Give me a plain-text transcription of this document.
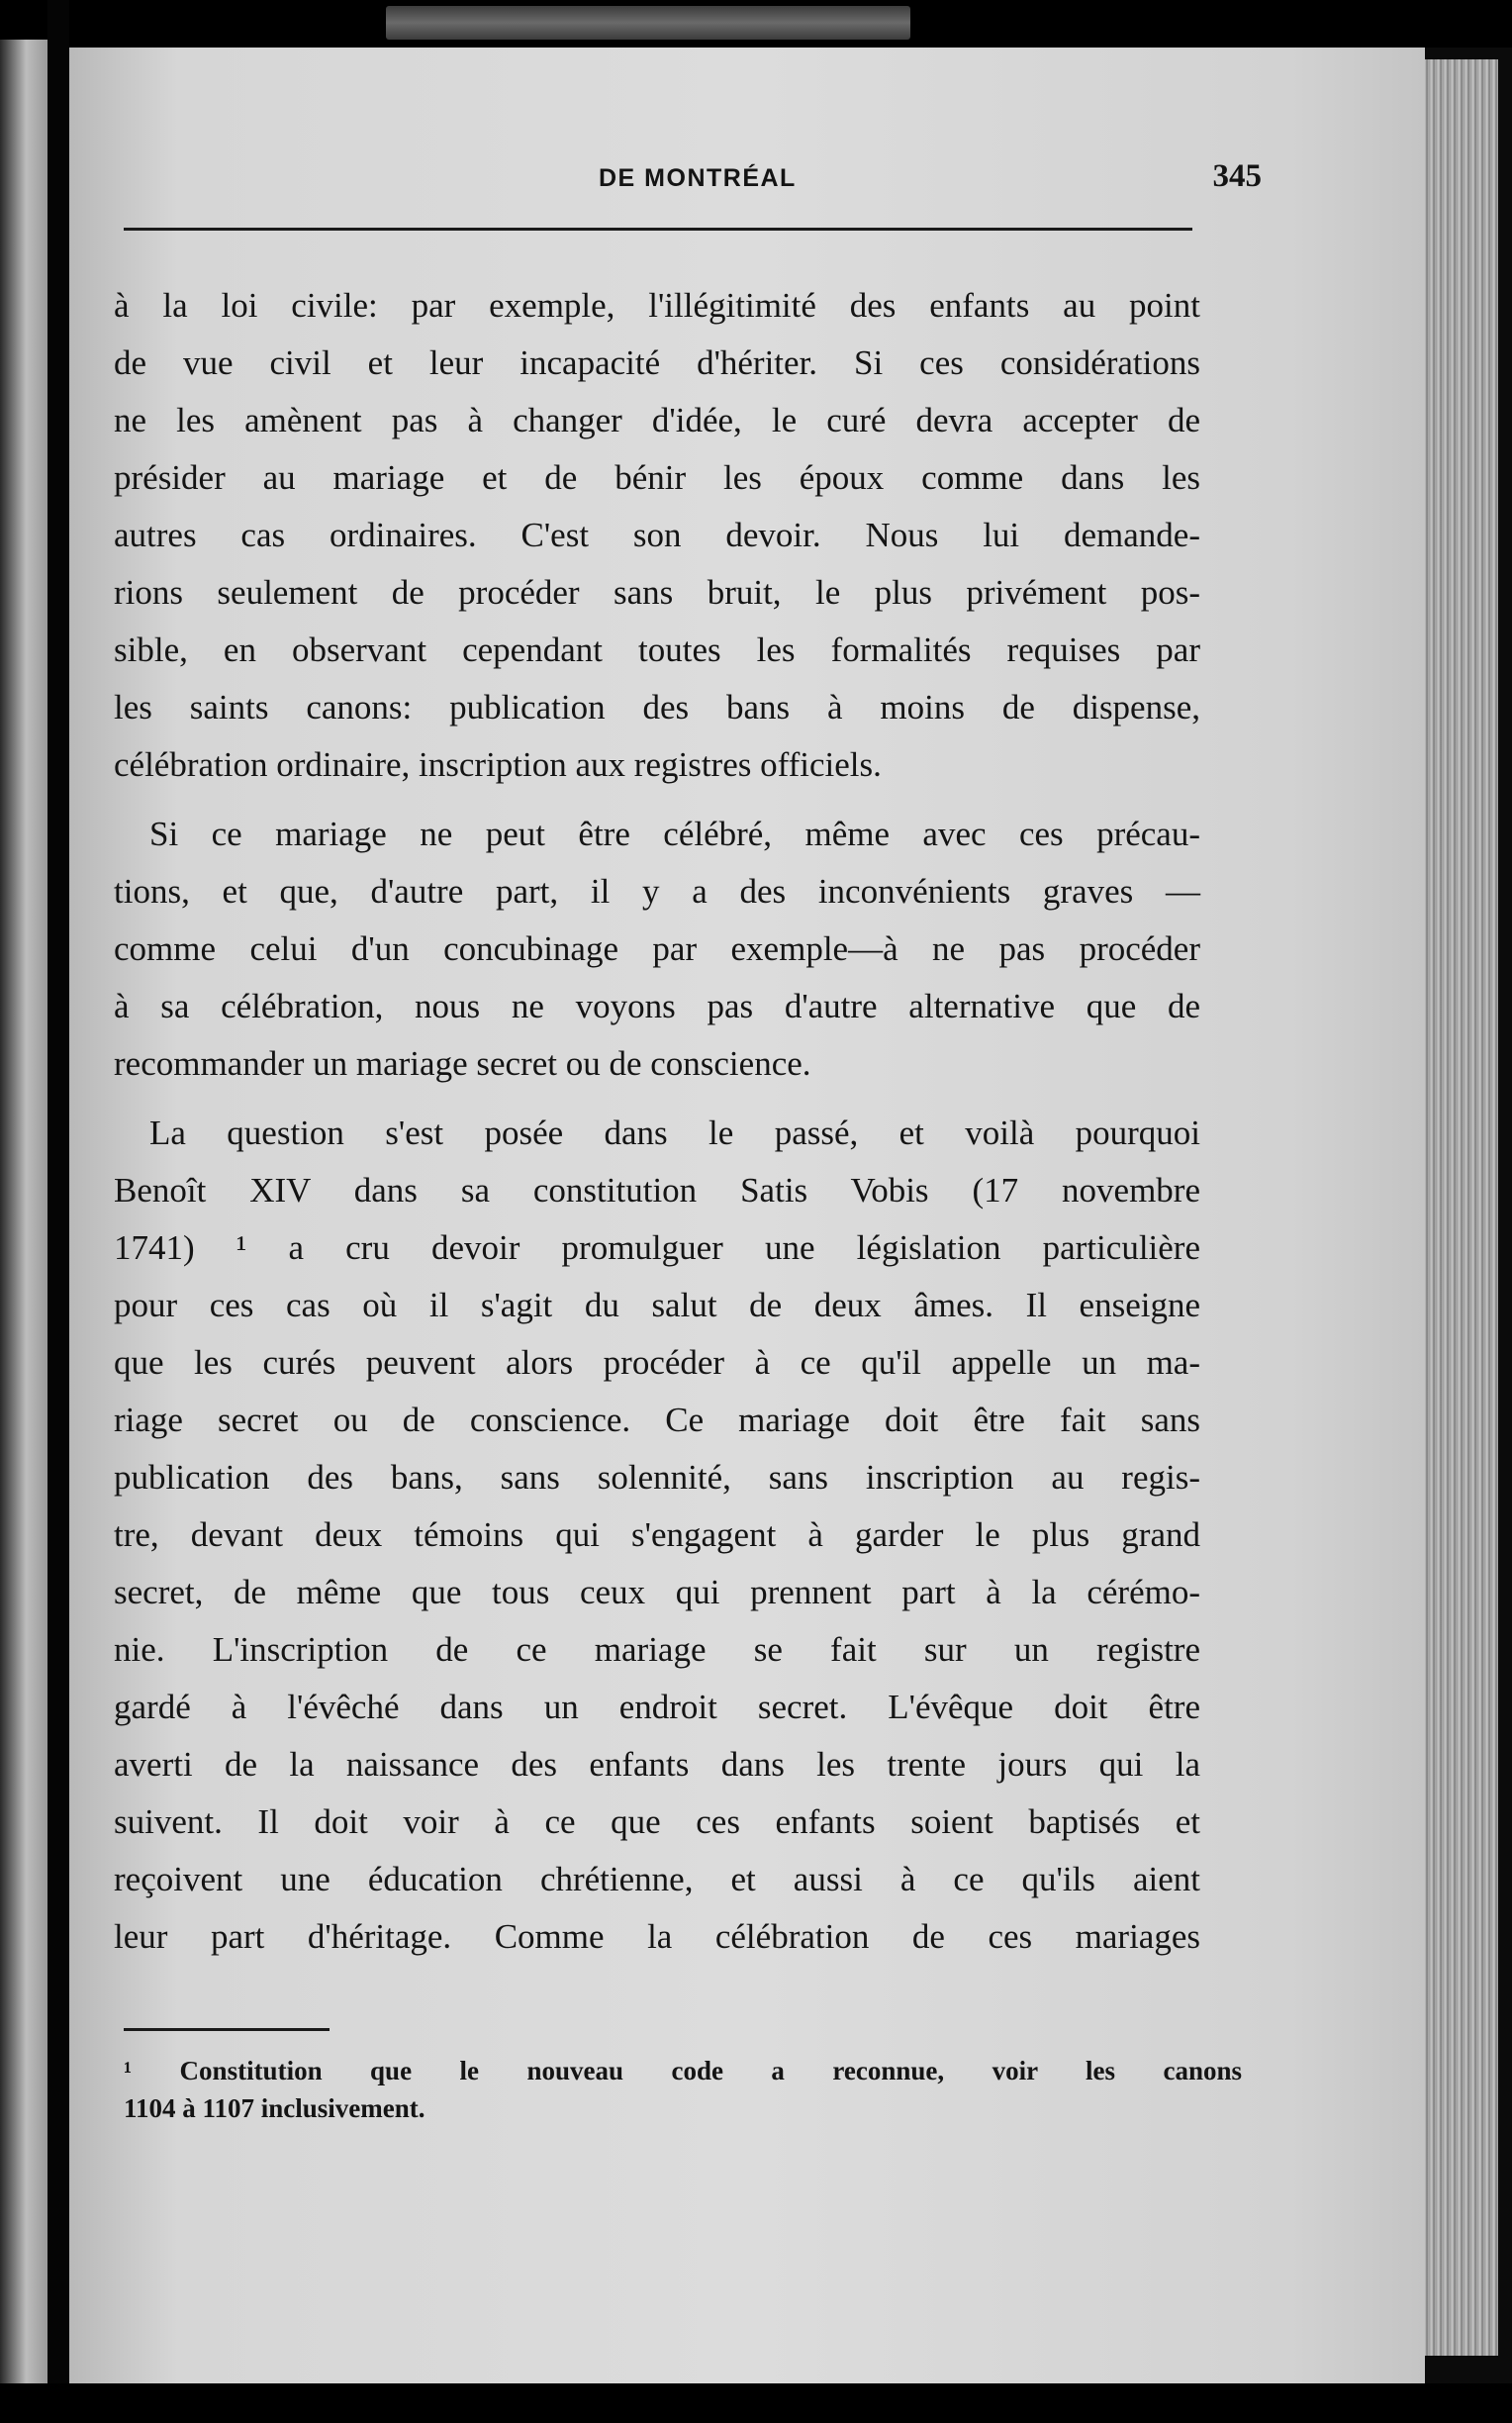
DE MONTRÉAL	345
à la loi civile: par exemple, l'illégitimité des enfants au point
de vue civil et leur incapacité d'hériter. Si ces considérations
ne les amènent pas à changer d'idée, le curé devra accepter de
présider au mariage et de bénir les époux comme dans les
autres cas ordinaires. C'est son devoir. Nous lui demande-
rions seulement de procéder sans bruit, le plus privément pos-
sible, en observant cependant toutes les formalités requises par
les saints canons: publication des bans à moins de dispense,
célébration ordinaire, inscription aux registres officiels.
Si ce mariage ne peut être célébré, même avec ces précau-
tions, et que, d'autre part, il y a des inconvénients graves —
comme celui d'un concubinage par exemple—à ne pas procéder
à sa célébration, nous ne voyons pas d'autre alternative que de
recommander un mariage secret ou de conscience.
La question s'est posée dans le passé, et voilà pourquoi
Benoît XIV dans sa constitution Satis Vobis (17 novembre
1741) ¹ a cru devoir promulguer une législation particulière
pour ces cas où il s'agit du salut de deux âmes. Il enseigne
que les curés peuvent alors procéder à ce qu'il appelle un ma-
riage secret ou de conscience. Ce mariage doit être fait sans
publication des bans, sans solennité, sans inscription au regis-
tre, devant deux témoins qui s'engagent à garder le plus grand
secret, de même que tous ceux qui prennent part à la cérémo-
nie. L'inscription de ce mariage se fait sur un registre
gardé à l'évêché dans un endroit secret. L'évêque doit être
averti de la naissance des enfants dans les trente jours qui la
suivent. Il doit voir à ce que ces enfants soient baptisés et
reçoivent une éducation chrétienne, et aussi à ce qu'ils aient
leur part d'héritage. Comme la célébration de ces mariages
¹ Constitution que le nouveau code a reconnue, voir les canons
1104 à 1107 inclusivement.
